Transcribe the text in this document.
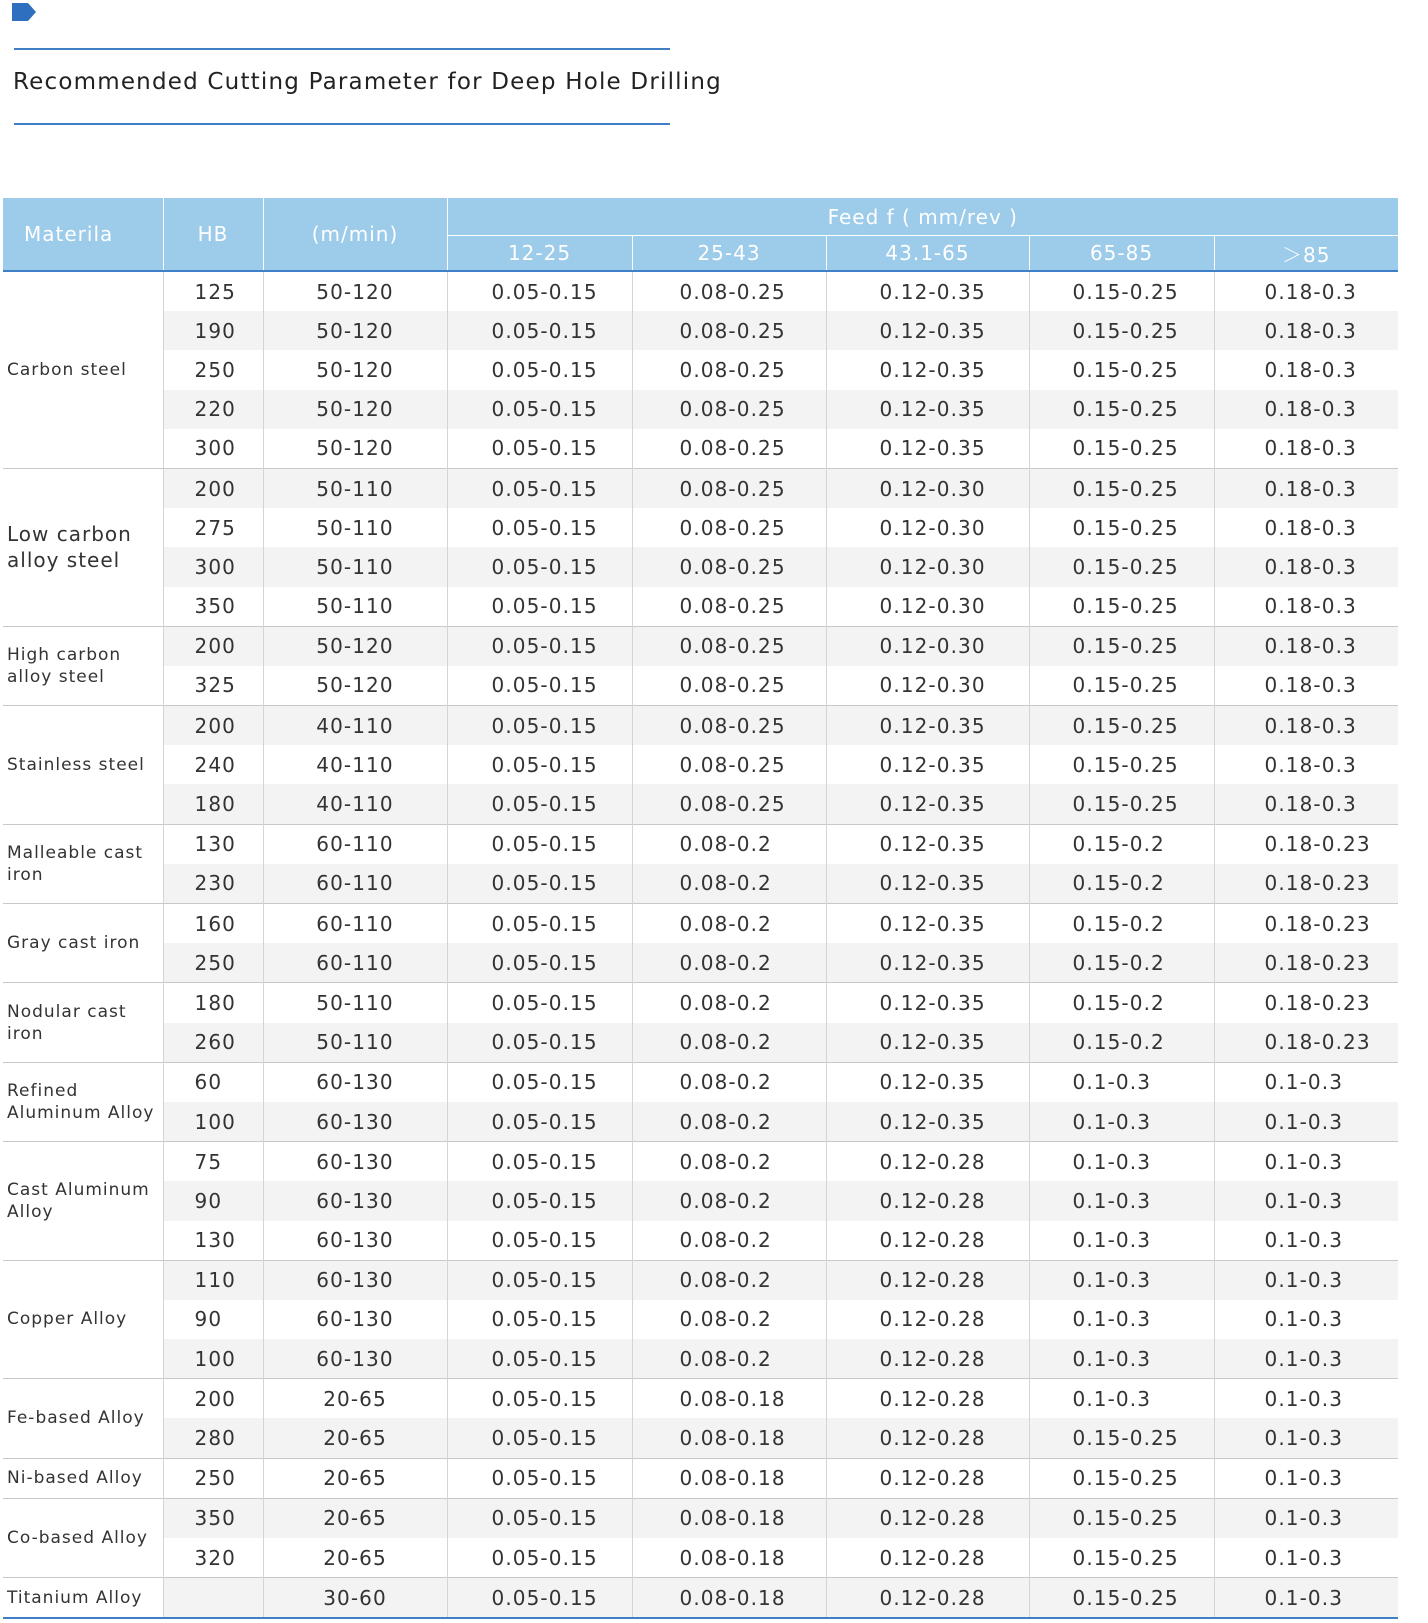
Recommended Cutting Parameter for Deep Hole Drilling
Materila	HB	(m/min)	Feed f ( mm/rev )				
			12-25	25-43	43.1-65	65-85	＞85
Carbon steel	125	50-120	0.05-0.15	0.08-0.25	0.12-0.35	0.15-0.25	0.18-0.3
	190	50-120	0.05-0.15	0.08-0.25	0.12-0.35	0.15-0.25	0.18-0.3
	250	50-120	0.05-0.15	0.08-0.25	0.12-0.35	0.15-0.25	0.18-0.3
	220	50-120	0.05-0.15	0.08-0.25	0.12-0.35	0.15-0.25	0.18-0.3
	300	50-120	0.05-0.15	0.08-0.25	0.12-0.35	0.15-0.25	0.18-0.3
Low carbon alloy steel	200	50-110	0.05-0.15	0.08-0.25	0.12-0.30	0.15-0.25	0.18-0.3
	275	50-110	0.05-0.15	0.08-0.25	0.12-0.30	0.15-0.25	0.18-0.3
	300	50-110	0.05-0.15	0.08-0.25	0.12-0.30	0.15-0.25	0.18-0.3
	350	50-110	0.05-0.15	0.08-0.25	0.12-0.30	0.15-0.25	0.18-0.3
High carbon alloy steel	200	50-120	0.05-0.15	0.08-0.25	0.12-0.30	0.15-0.25	0.18-0.3
	325	50-120	0.05-0.15	0.08-0.25	0.12-0.30	0.15-0.25	0.18-0.3
Stainless steel	200	40-110	0.05-0.15	0.08-0.25	0.12-0.35	0.15-0.25	0.18-0.3
	240	40-110	0.05-0.15	0.08-0.25	0.12-0.35	0.15-0.25	0.18-0.3
	180	40-110	0.05-0.15	0.08-0.25	0.12-0.35	0.15-0.25	0.18-0.3
Malleable cast iron	130	60-110	0.05-0.15	0.08-0.2	0.12-0.35	0.15-0.2	0.18-0.23
	230	60-110	0.05-0.15	0.08-0.2	0.12-0.35	0.15-0.2	0.18-0.23
Gray cast iron	160	60-110	0.05-0.15	0.08-0.2	0.12-0.35	0.15-0.2	0.18-0.23
	250	60-110	0.05-0.15	0.08-0.2	0.12-0.35	0.15-0.2	0.18-0.23
Nodular cast iron	180	50-110	0.05-0.15	0.08-0.2	0.12-0.35	0.15-0.2	0.18-0.23
	260	50-110	0.05-0.15	0.08-0.2	0.12-0.35	0.15-0.2	0.18-0.23
Refined Aluminum Alloy	60	60-130	0.05-0.15	0.08-0.2	0.12-0.35	0.1-0.3	0.1-0.3
	100	60-130	0.05-0.15	0.08-0.2	0.12-0.35	0.1-0.3	0.1-0.3
Cast Aluminum Alloy	75	60-130	0.05-0.15	0.08-0.2	0.12-0.28	0.1-0.3	0.1-0.3
	90	60-130	0.05-0.15	0.08-0.2	0.12-0.28	0.1-0.3	0.1-0.3
	130	60-130	0.05-0.15	0.08-0.2	0.12-0.28	0.1-0.3	0.1-0.3
Copper Alloy	110	60-130	0.05-0.15	0.08-0.2	0.12-0.28	0.1-0.3	0.1-0.3
	90	60-130	0.05-0.15	0.08-0.2	0.12-0.28	0.1-0.3	0.1-0.3
	100	60-130	0.05-0.15	0.08-0.2	0.12-0.28	0.1-0.3	0.1-0.3
Fe-based Alloy	200	20-65	0.05-0.15	0.08-0.18	0.12-0.28	0.1-0.3	0.1-0.3
	280	20-65	0.05-0.15	0.08-0.18	0.12-0.28	0.15-0.25	0.1-0.3
Ni-based Alloy	250	20-65	0.05-0.15	0.08-0.18	0.12-0.28	0.15-0.25	0.1-0.3
Co-based Alloy	350	20-65	0.05-0.15	0.08-0.18	0.12-0.28	0.15-0.25	0.1-0.3
	320	20-65	0.05-0.15	0.08-0.18	0.12-0.28	0.15-0.25	0.1-0.3
Titanium Alloy		30-60	0.05-0.15	0.08-0.18	0.12-0.28	0.15-0.25	0.1-0.3
